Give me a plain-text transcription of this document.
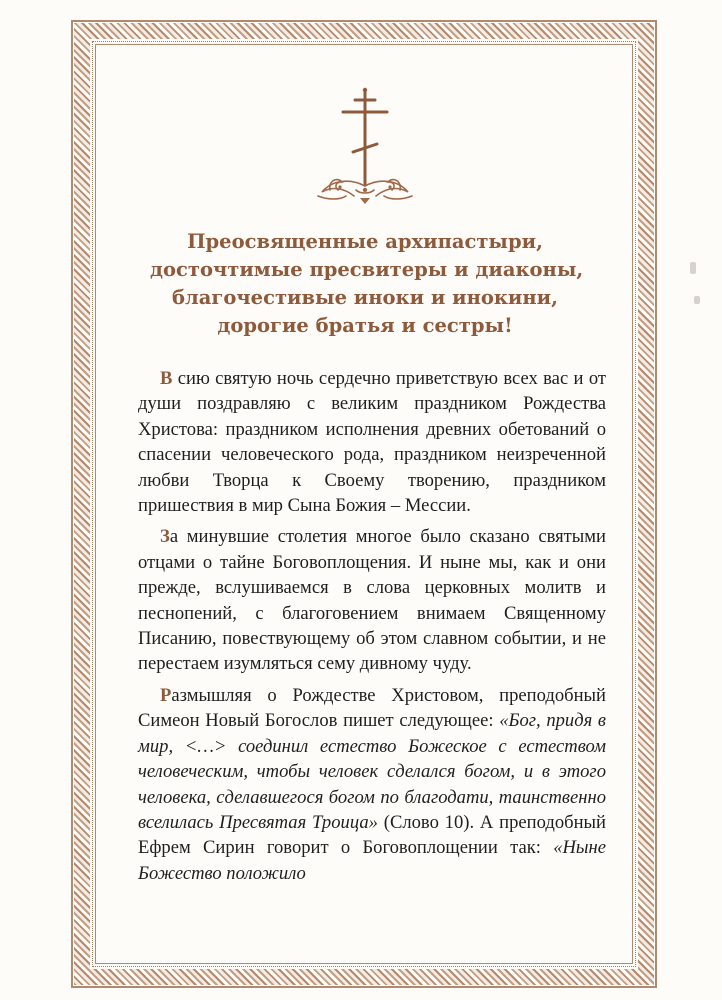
Преосвященные архипастыри,
досточтимые пресвитеры и диаконы,
благочестивые иноки и инокини,
дорогие братья и сестры!

В сию святую ночь сердечно приветствую всех вас и от души поздравляю с великим праздником Рождества Христова: праздником исполнения древних обетований о спасении человеческого рода, праздником неизреченной любви Творца к Своему творению, праздником пришествия в мир Сына Божия – Мессии.

За минувшие столетия многое было сказано святыми отцами о тайне Боговоплощения. И ныне мы, как и они прежде, вслушиваемся в слова церковных молитв и песнопений, с благоговением внимаем Священному Писанию, повествующему об этом славном событии, и не перестаем изумляться сему дивному чуду.

Размышляя о Рождестве Христовом, преподобный Симеон Новый Богослов пишет следующее: «Бог, придя в мир, <…> соединил естество Божеское с естеством человеческим, чтобы человек сделался богом, и в этого человека, сделавшегося богом по благодати, таинственно вселилась Пресвятая Троица» (Слово 10). А преподобный Ефрем Сирин говорит о Боговоплощении так: «Ныне Божество положило
